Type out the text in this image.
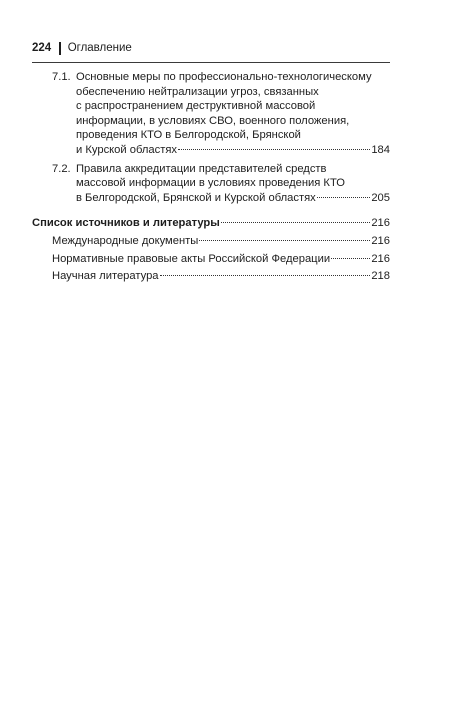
224 Оглавление
7.1. Основные меры по профессионально-технологическому
обеспечению нейтрализации угроз, связанных
с распространением деструктивной массовой
информации, в условиях СВО, военного положения,
проведения КТО в Белгородской, Брянской
и Курской областях	184
7.2. Правила аккредитации представителей средств
массовой информации в условиях проведения КТО
в Белгородской, Брянской и Курской областях	205
Список источников и литературы	216
Международные документы	216
Нормативные правовые акты Российской Федерации	216
Научная литература	218
